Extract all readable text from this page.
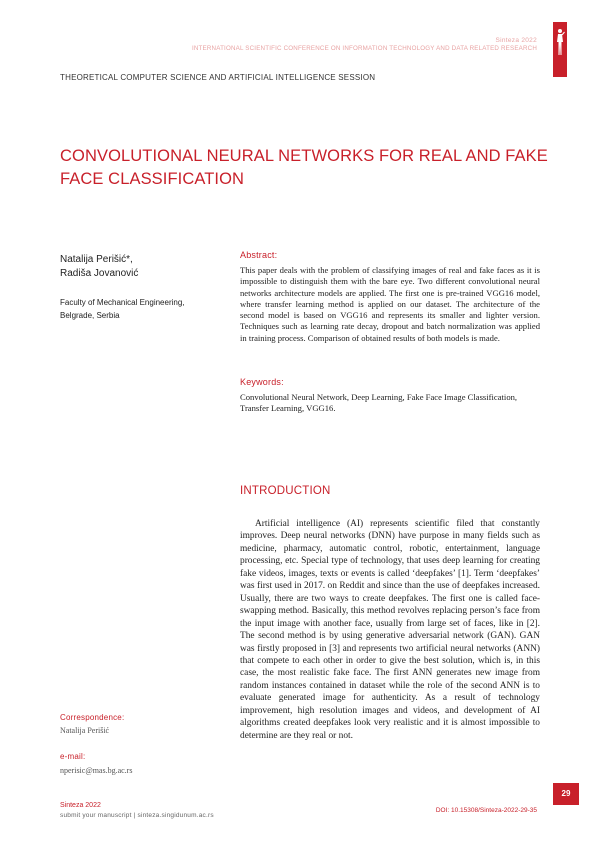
Sinteza 2022
INTERNATIONAL SCIENTIFIC CONFERENCE ON INFORMATION TECHNOLOGY AND DATA RELATED RESEARCH
THEORETICAL COMPUTER SCIENCE AND ARTIFICIAL INTELLIGENCE SESSION
CONVOLUTIONAL NEURAL NETWORKS FOR REAL AND FAKE FACE CLASSIFICATION
Natalija Perišić*,
Radiša Jovanović
Faculty of Mechanical Engineering,
Belgrade, Serbia
Abstract:
This paper deals with the problem of classifying images of real and fake faces as it is impossible to distinguish them with the bare eye. Two different convolutional neural networks architecture models are applied. The first one is pre-trained VGG16 model, where transfer learning method is applied on our dataset. The architecture of the second model is based on VGG16 and represents its smaller and lighter version. Techniques such as learning rate decay, dropout and batch normalization was applied in training process. Comparison of obtained results of both models is made.
Keywords:
Convolutional Neural Network, Deep Learning, Fake Face Image Classification, Transfer Learning, VGG16.
INTRODUCTION
Artificial intelligence (AI) represents scientific filed that constantly improves. Deep neural networks (DNN) have purpose in many fields such as medicine, pharmacy, automatic control, robotic, entertainment, language processing, etc. Special type of technology, that uses deep learning for creating fake videos, images, texts or events is called ‘deepfakes’ [1]. Term ‘deepfakes’ was first used in 2017. on Reddit and since than the use of deepfakes increased. Usually, there are two ways to create deepfakes. The first one is called face-swapping method. Basically, this method revolves replacing person’s face from the input image with another face, usually from large set of faces, like in [2]. The second method is by using generative adversarial network (GAN). GAN was firstly proposed in [3] and represents two artificial neural networks (ANN) that compete to each other in order to give the best solution, which is, in this case, the most realistic fake face. The first ANN generates new image from random instances contained in dataset while the role of the second ANN is to evaluate generated image for authenticity. As a result of technology improvement, high resolution images and videos, and development of AI algorithms created deepfakes look very realistic and it is almost impossible to determine are they real or not.
Correspondence:
Natalija Perišić
e-mail:
nperisic@mas.bg.ac.rs
29
Sinteza 2022
submit your manuscript | sinteza.singidunum.ac.rs
DOI: 10.15308/Sinteza-2022-29-35
